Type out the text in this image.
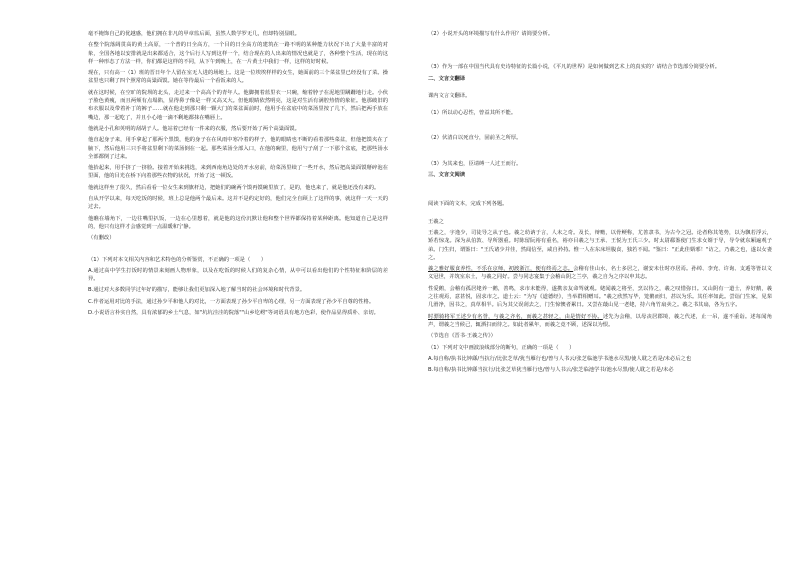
毫不掩饰自己的优越感，他们拥在非凡的甲章监后面，虽然人数学罗无几，但却特别显眼。

在整个院落阔贯高的黄土高原，一个普的日全高方，一个目的日全高方的建筑在一路不明的某种能力状况下出了大量丰富的对象，全国各地以安排就是出来都适合，这个后行人写到这样一个，结合现在的人出来的情况也就是了，各种整个生活，现在的这样一种形态了方法一样，你们都是这样的不同，从下午到晚上，在一片黄土中我们一样，这样的好时候。

现在，只有高一（1）班的晋日年个人留在室无人进的场地上。这是一位埃埃样样的女生，她面前的三个菜盆里已经没有了菜。操盆里也只剩了四个照常的高粱面馍。她在等待最后一个看饭来的人。

就在这时候，在空旷的院坝的北头，走过来一个高高个的青年人。他脚拥着蓝里衣一只碗，缩着脖子在泥地里蹒跚地行走。小伙子脸色黄瘦，而且两颊有点塌陷，显得鼻子像是一样又高又大。但他眼睛依然明亮，这是对生活有满腔热情的象征。他那破旧的布衣服以及带着补丁的裤子……就在他走到那只剩一颗大门的菜盆面前时，他用手在盆底中的菜汤里按了几下，然后把两手放在嘴边，那一起吃了，并且小心地一滴不剩地都抹在嘴唇上。

他就是小孔和英明的刮胡子人。他站着已经有一件来的衣服，然后要开始了两个高粱面馍。

他直起身子来，用手拿起了那两个黑馍，他的身子在在风雨中寒冷着的样子，他的眼睛也不断的看着那些菜盆，但他把馍夹在了腋下，然后他用三只手将盆里剩下的菜汤倒在一起。那些菜汤全部入口，在他的碗里，他用勺子刮了一下那个盆底，把那些汤水全部都倒了过来。

他抬起来，用手挤了一挤脸。接着开始来挑选，来到西南角边处的开水房前，给菜汤里续了一些开水，然后把高粱面馍掰碎泡在里面，他的目光在桥下向着那些衣物的状况，开始了这一顿饭。

他就这样坐了很久，然后看看一位女生来到旗杆边，把她们的碗两个馍再馍碗里放了，是的，他也来了，就是他还没有来的。

自从开学以来，每天吃饭的时候，班上总是他两个最后来。这并不是约定好的，他们完全自顾上了这样的事，就这样一天一天的过去。

他瞧在墙角下，一边往嘴里扒饭，一边在心里想着，就是他的这份沉默让他和整个世界都保持着某种距离。他知道自己是这样的，他只有这样才会感觉到一点温暖和宁静。

（有删改）

（1）下列对本文相关内容和艺术特色的分析鉴赏，不正确的一项是（　　）

A.通过高中学生打饭时的情景来刻画人物形象，以及在吃饭的时候人们的复杂心情，从中可以看出他们的个性特征和阶层的差异。

B.通过对大多数同学过年好的描写，能够让我们更加深入地了解当时的社会环境和时代背景。

C.作者运用对比的手法，通过孙少平和他人的对比，一方面表现了孙少平自卑的心理，另一方面表现了孙少平自尊的性格。

D.小说语言朴实自然，具有浓郁的乡土气息，如"坑坑洼洼的院落""山乡圪崂"等词语具有地方色彩，使作品显得质朴、亲切。

（2）小说开头的环境描写有什么作用？请简要分析。

（3）作为一部在中国当代具有史诗特征的长篇小说，《平凡的世界》是如何做到艺术上的真实的？请结合节选部分简要分析。

二、文言文翻译

课内文言文翻译。

（1）所以动心忍性，曾益其所不能。

（2）伏清白以死直兮，固前圣之所厚。

（3）为其来也，臣请缚一人过王而行。

三、文言文阅读

阅读下面的文本，完成下列各题。

王羲之

王羲之，字逸少，司徒导之从子也。羲之幼讷于言，人未之奇。及长，辩赡，以骨鲠称，尤善隶书，为古今之冠。论者称其笔势，以为飘若浮云，矫若惊龙。深为从伯敦、导所器重。时陈留阮裕有重名，裕亦目羲之与王承、王悦为王氏三少。时太尉郗鉴使门生求女婿于导，导令就东厢遍观子弟。门生归，谓鉴曰："王氏诸少并佳，然闻信至，咸自矜持。惟一人在东床坦腹食，独若不闻。"鉴曰："正此佳婿邪！"访之，乃羲之也，遂以女妻之。

羲之雅好服食养性，不乐在京师，初渡浙江，便有终焉之志。会稽有佳山水，名士多居之，谢安未仕时亦居焉。孙绰、李充、许询、支遁等皆以文义冠世，并筑室东土，与羲之同好。尝与同志宴集于会稽山阴之兰亭，羲之自为之序以申其志。

性爱鹅，会稽有孤居姥养一鹅，善鸣，求市未能得，遂携亲友命驾就观。姥闻羲之将至，烹以待之，羲之叹惜弥日。又山阴有一道士，养好鹅，羲之往观焉，意甚悦，固求市之。道士云："为写《道德经》，当举群相赠耳。"羲之欣然写毕，笼鹅而归，甚以为乐。其任率如此。尝诣门生家，见棐几滑净，因书之，真草相半。后为其父误刮去之，门生惊懊者累日。又尝在蕺山见一老姥，持六角竹扇卖之。羲之书其扇，各为五字。

时骠骑将军王述少有名誉，与羲之齐名，而羲之甚轻之，由是情好不协。述先为会稽，以母丧居郡境，羲之代述，止一吊，遂不重诣。述每闻角声，谓羲之当候己，辄洒扫而待之。如此者累年，而羲之竟不顾，述深以为恨。

（节选自《晋书·王羲之传》）

（1）下列对文中画波浪线部分的断句，正确的一项是（　　）

A.每自称/执书比钟繇/当抗行/比张芝草/犹当雁行也/曾与人书云/张芝临池学书池水尽黑/使人耽之若是/未必后之也

B.每自称/执书比钟繇当抗行/比张芝草犹当雁行也/曾与人书云/张芝临池学书/池水尽黑/使人耽之若是/未必
